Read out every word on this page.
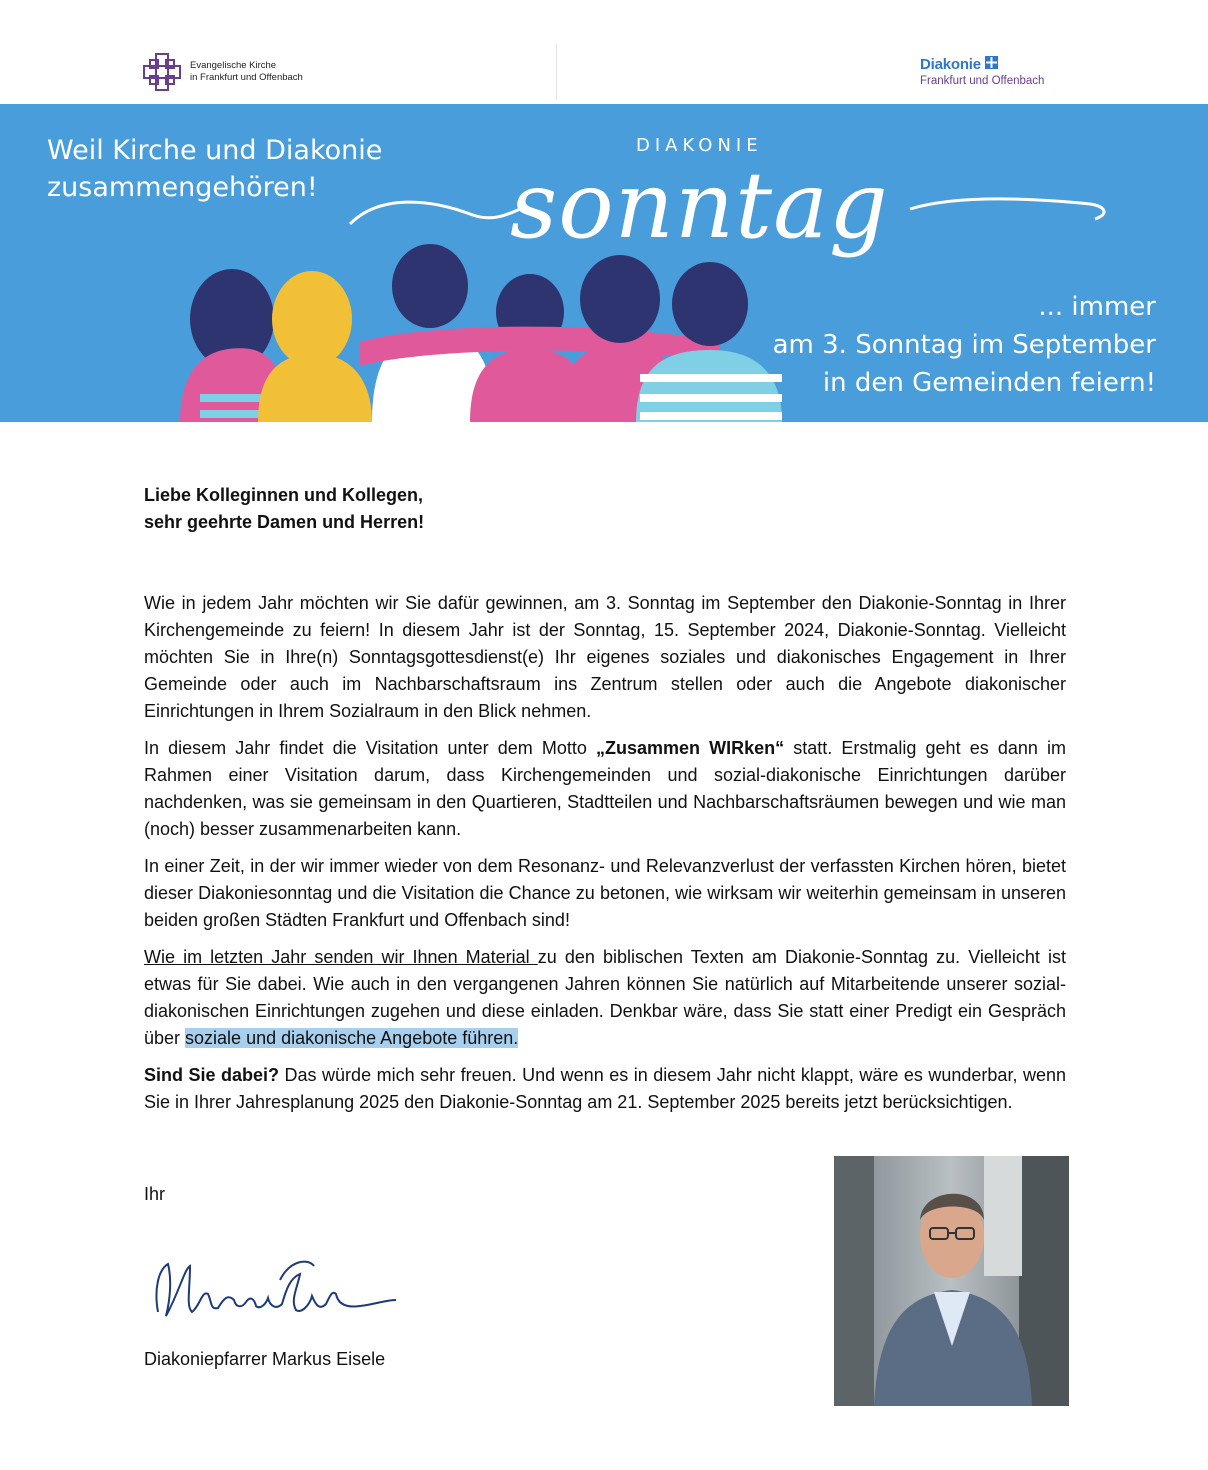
Evangelische Kirche
in Frankfurt und Offenbach
Diakonie
Frankfurt und Offenbach
Weil Kirche und Diakonie
zusammengehören!
DIAKONIE
sonntag
... immer
am 3. Sonntag im September
in den Gemeinden feiern!

Liebe Kolleginnen und Kollegen,

sehr geehrte Damen und Herren!

Wie in jedem Jahr möchten wir Sie dafür gewinnen, am 3. Sonntag im September den Diakonie-Sonntag in Ihrer Kirchengemeinde zu feiern! In diesem Jahr ist der Sonntag, 15. September 2024, Diakonie-Sonntag. Vielleicht möchten Sie in Ihre(n) Sonntagsgottesdienst(e) Ihr eigenes soziales und diakonisches Engagement in Ihrer Gemeinde oder auch im Nachbarschaftsraum ins Zentrum stellen oder auch die Angebote diakonischer Einrichtungen in Ihrem Sozialraum in den Blick nehmen.

In diesem Jahr findet die Visitation unter dem Motto „Zusammen WIRken“ statt. Erstmalig geht es dann im Rahmen einer Visitation darum, dass Kirchengemeinden und sozial-diakonische Einrichtungen darüber nachdenken, was sie gemeinsam in den Quartieren, Stadtteilen und Nachbarschaftsräumen bewegen und wie man (noch) besser zusammenarbeiten kann.

In einer Zeit, in der wir immer wieder von dem Resonanz- und Relevanzverlust der verfassten Kirchen hören, bietet dieser Diakoniesonntag und die Visitation die Chance zu betonen, wie wirksam wir weiterhin gemeinsam in unseren beiden großen Städten Frankfurt und Offenbach sind!

Wie im letzten Jahr senden wir Ihnen Material zu den biblischen Texten am Diakonie-Sonntag zu. Vielleicht ist etwas für Sie dabei. Wie auch in den vergangenen Jahren können Sie natürlich auf Mitarbeitende unserer sozial-diakonischen Einrichtungen zugehen und diese einladen. Denkbar wäre, dass Sie statt einer Predigt ein Gespräch über soziale und diakonische Angebote führen.

Sind Sie dabei? Das würde mich sehr freuen. Und wenn es in diesem Jahr nicht klappt, wäre es wunderbar, wenn Sie in Ihrer Jahresplanung 2025 den Diakonie-Sonntag am 21. September 2025 bereits jetzt berücksichtigen.

Ihr
Diakoniepfarrer Markus Eisele
